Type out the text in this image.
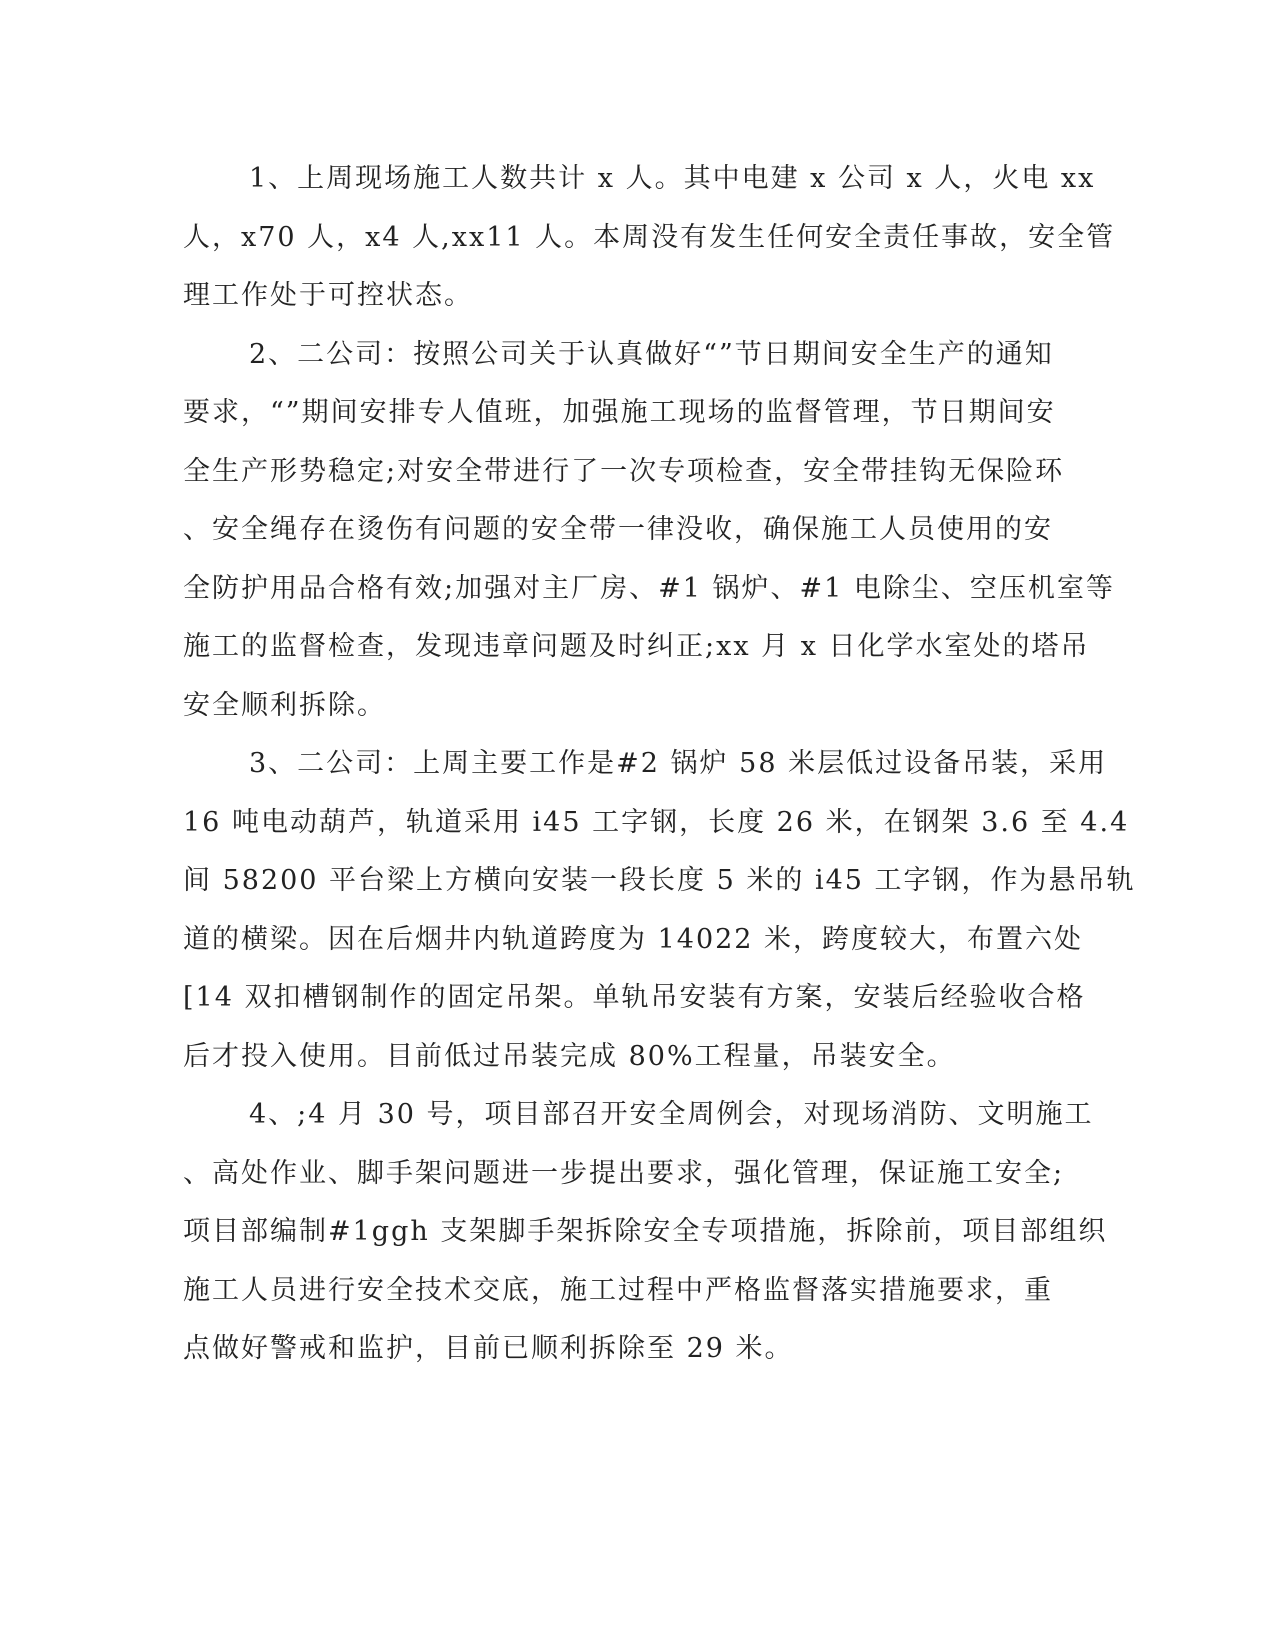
1、上周现场施工人数共计 x 人。其中电建 x 公司 x 人，火电 xx
人，x70 人，x4 人,xx11 人。本周没有发生任何安全责任事故，安全管
理工作处于可控状态。
2、二公司：按照公司关于认真做好“”节日期间安全生产的通知
要求，“”期间安排专人值班，加强施工现场的监督管理，节日期间安
全生产形势稳定;对安全带进行了一次专项检查，安全带挂钩无保险环
、安全绳存在烫伤有问题的安全带一律没收，确保施工人员使用的安
全防护用品合格有效;加强对主厂房、#1 锅炉、#1 电除尘、空压机室等
施工的监督检查，发现违章问题及时纠正;xx 月 x 日化学水室处的塔吊
安全顺利拆除。
3、二公司：上周主要工作是#2 锅炉 58 米层低过设备吊装，采用
16 吨电动葫芦，轨道采用 i45 工字钢，长度 26 米，在钢架 3.6 至 4.4
间 58200 平台梁上方横向安装一段长度 5 米的 i45 工字钢，作为悬吊轨
道的横梁。因在后烟井内轨道跨度为 14022 米，跨度较大，布置六处
[14 双扣槽钢制作的固定吊架。单轨吊安装有方案，安装后经验收合格
后才投入使用。目前低过吊装完成 80%工程量，吊装安全。
4、;4 月 30 号，项目部召开安全周例会，对现场消防、文明施工
、高处作业、脚手架问题进一步提出要求，强化管理，保证施工安全;
项目部编制#1ggh 支架脚手架拆除安全专项措施，拆除前，项目部组织
施工人员进行安全技术交底，施工过程中严格监督落实措施要求，重
点做好警戒和监护，目前已顺利拆除至 29 米。
